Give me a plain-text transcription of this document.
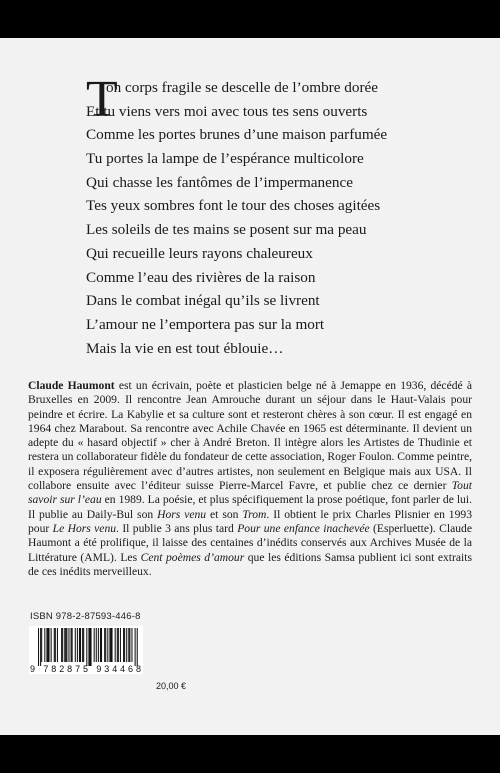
T
on corps fragile se descelle de l’ombre dorée
Et tu viens vers moi avec tous tes sens ouverts
Comme les portes brunes d’une maison parfumée
Tu portes la lampe de l’espérance multicolore
Qui chasse les fantômes de l’impermanence
Tes yeux sombres font le tour des choses agitées
Les soleils de tes mains se posent sur ma peau
Qui recueille leurs rayons chaleureux
Comme l’eau des rivières de la raison
Dans le combat inégal qu’ils se livrent
L’amour ne l’emportera pas sur la mort
Mais la vie en est tout éblouie…
Claude Haumont est un écrivain, poète et plasticien belge né à Jemappe en 1936, décédé à Bruxelles en 2009. Il rencontre Jean Amrouche durant un séjour dans le Haut-Valais pour peindre et écrire. La Kabylie et sa culture sont et resteront chères à son cœur. Il est engagé en 1964 chez Marabout. Sa rencontre avec Achile Chavée en 1965 est déterminante. Il devient un adepte du « hasard objectif » cher à André Breton. Il intègre alors les Artistes de Thudinie et restera un collaborateur fidèle du fondateur de cette association, Roger Foulon. Comme peintre, il exposera régulièrement avec d’autres artistes, non seulement en Belgique mais aux USA. Il collabore ensuite avec l’éditeur suisse Pierre-Marcel Favre, et publie chez ce dernier Tout savoir sur l’eau en 1989. La poésie, et plus spécifiquement la prose poétique, font parler de lui. Il publie au Daily-Bul son Hors venu et son Trom. Il obtient le prix Charles Plisnier en 1993 pour Le Hors venu. Il publie 3 ans plus tard Pour une enfance inachevée (Esperluette). Claude Haumont a été prolifique, il laisse des centaines d’inédits conservés aux Archives Musée de la Littérature (AML). Les Cent poèmes d’amour que les éditions Samsa publient ici sont extraits de ces inédits merveilleux.
ISBN 978-2-87593-446-8
9 782875 934468
20,00 €
